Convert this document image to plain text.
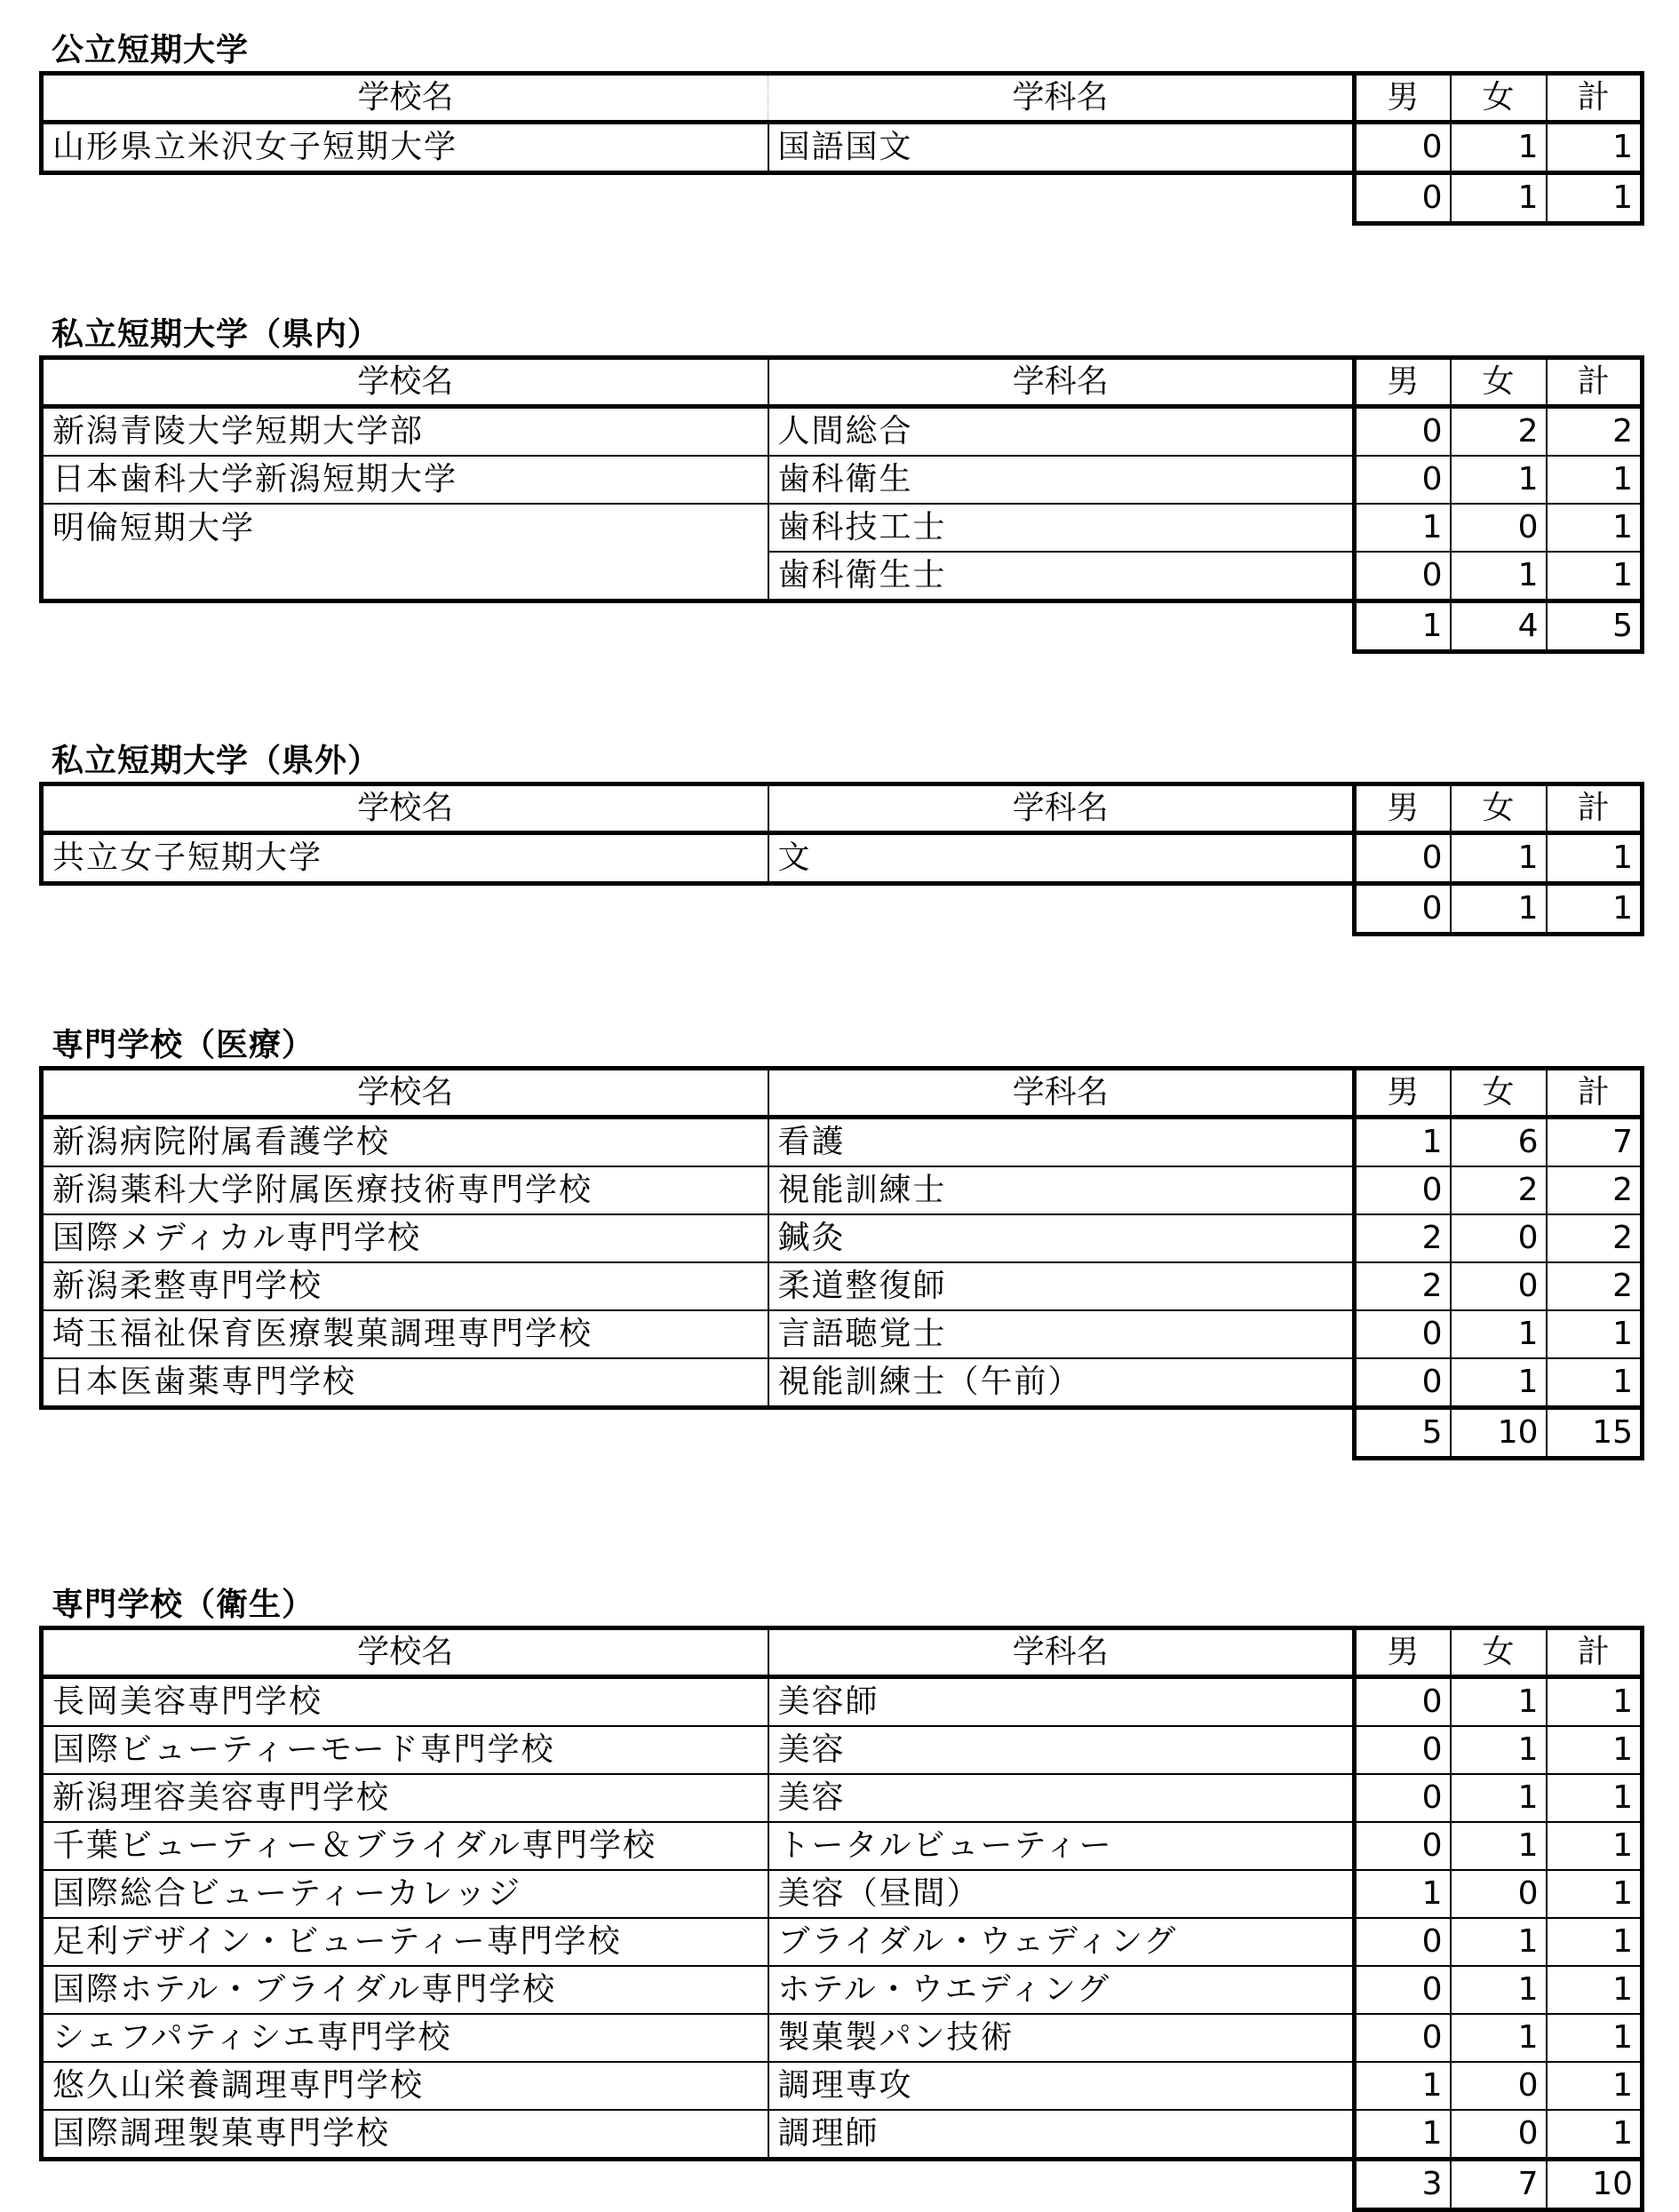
公立短期大学
学校名	学科名	男	女	計
山形県立米沢女子短期大学	国語国文	0	1	1
		0	1	1
私立短期大学（県内）
学校名	学科名	男	女	計
新潟青陵大学短期大学部	人間総合	0	2	2
日本歯科大学新潟短期大学	歯科衛生	0	1	1
明倫短期大学	歯科技工士	1	0	1
	歯科衛生士	0	1	1
		1	4	5
私立短期大学（県外）
学校名	学科名	男	女	計
共立女子短期大学	文	0	1	1
		0	1	1
専門学校（医療）
学校名	学科名	男	女	計
新潟病院附属看護学校	看護	1	6	7
新潟薬科大学附属医療技術専門学校	視能訓練士	0	2	2
国際メディカル専門学校	鍼灸	2	0	2
新潟柔整専門学校	柔道整復師	2	0	2
埼玉福祉保育医療製菓調理専門学校	言語聴覚士	0	1	1
日本医歯薬専門学校	視能訓練士（午前）	0	1	1
		5	10	15
専門学校（衛生）
学校名	学科名	男	女	計
長岡美容専門学校	美容師	0	1	1
国際ビューティーモード専門学校	美容	0	1	1
新潟理容美容専門学校	美容	0	1	1
千葉ビューティー＆ブライダル専門学校	トータルビューティー	0	1	1
国際総合ビューティーカレッジ	美容（昼間）	1	0	1
足利デザイン・ビューティー専門学校	ブライダル・ウェディング	0	1	1
国際ホテル・ブライダル専門学校	ホテル・ウエディング	0	1	1
シェフパティシエ専門学校	製菓製パン技術	0	1	1
悠久山栄養調理専門学校	調理専攻	1	0	1
国際調理製菓専門学校	調理師	1	0	1
		3	7	10
